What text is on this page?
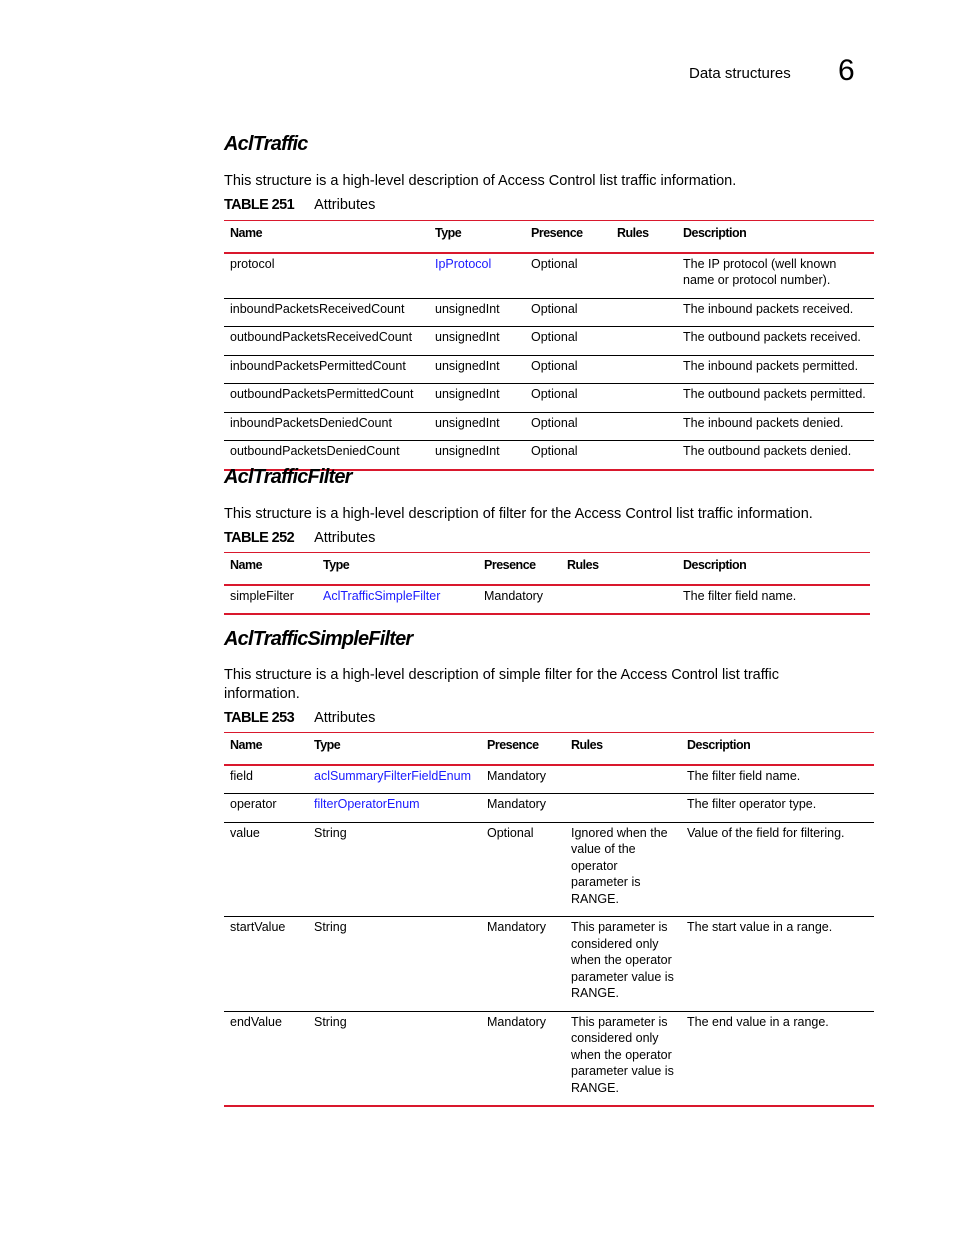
Data structures 6
AclTraffic
This structure is a high-level description of Access Control list traffic information.
TABLE 251 Attributes
Name	Type	Presence	Rules	Description
protocol	IpProtocol	Optional		The IP protocol (well known name or protocol number).
inboundPacketsReceivedCount	unsignedInt	Optional		The inbound packets received.
outboundPacketsReceivedCount	unsignedInt	Optional		The outbound packets received.
inboundPacketsPermittedCount	unsignedInt	Optional		The inbound packets permitted.
outboundPacketsPermittedCount	unsignedInt	Optional		The outbound packets permitted.
inboundPacketsDeniedCount	unsignedInt	Optional		The inbound packets denied.
outboundPacketsDeniedCount	unsignedInt	Optional		The outbound packets denied.
AclTrafficFilter
This structure is a high-level description of filter for the Access Control list traffic information.
TABLE 252 Attributes
Name	Type	Presence	Rules	Description
simpleFilter	AclTrafficSimpleFilter	Mandatory		The filter field name.
AclTrafficSimpleFilter
This structure is a high-level description of simple filter for the Access Control list traffic information.
TABLE 253 Attributes
Name	Type	Presence	Rules	Description
field	aclSummaryFilterFieldEnum	Mandatory		The filter field name.
operator	filterOperatorEnum	Mandatory		The filter operator type.
value	String	Optional	Ignored when the value of the operator parameter is RANGE.	Value of the field for filtering.
startValue	String	Mandatory	This parameter is considered only when the operator parameter value is RANGE.	The start value in a range.
endValue	String	Mandatory	This parameter is considered only when the operator parameter value is RANGE.	The end value in a range.
